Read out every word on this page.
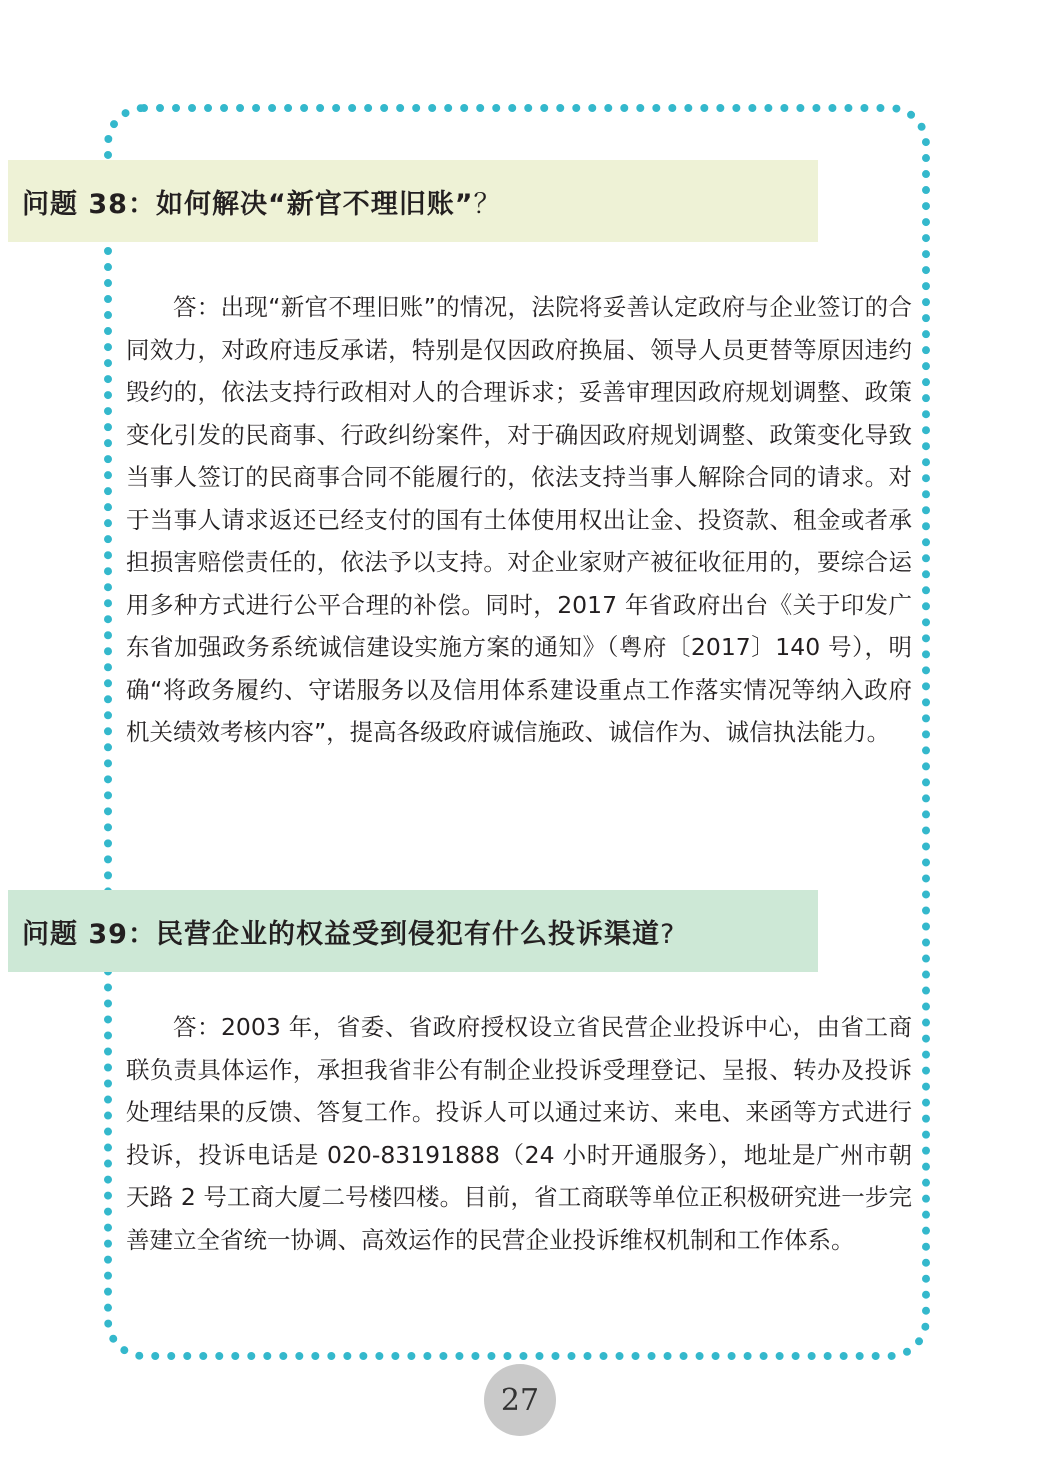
问题 38：如何解决“新官不理旧账”？

答：出现“新官不理旧账”的情况，法院将妥善认定政府与企业签订的合同效力，对政府违反承诺，特别是仅因政府换届、领导人员更替等原因违约毁约的，依法支持行政相对人的合理诉求；妥善审理因政府规划调整、政策变化引发的民商事、行政纠纷案件，对于确因政府规划调整、政策变化导致当事人签订的民商事合同不能履行的，依法支持当事人解除合同的请求。对于当事人请求返还已经支付的国有土体使用权出让金、投资款、租金或者承担损害赔偿责任的，依法予以支持。对企业家财产被征收征用的，要综合运用多种方式进行公平合理的补偿。同时，2017 年省政府出台《关于印发广东省加强政务系统诚信建设实施方案的通知》（粤府〔2017〕140 号），明确“将政务履约、守诺服务以及信用体系建设重点工作落实情况等纳入政府机关绩效考核内容”，提高各级政府诚信施政、诚信作为、诚信执法能力。

问题 39：民营企业的权益受到侵犯有什么投诉渠道?

答：2003 年，省委、省政府授权设立省民营企业投诉中心，由省工商联负责具体运作，承担我省非公有制企业投诉受理登记、呈报、转办及投诉处理结果的反馈、答复工作。投诉人可以通过来访、来电、来函等方式进行投诉，投诉电话是 020-83191888（24 小时开通服务），地址是广州市朝天路 2 号工商大厦二号楼四楼。目前，省工商联等单位正积极研究进一步完善建立全省统一协调、高效运作的民营企业投诉维权机制和工作体系。

27
